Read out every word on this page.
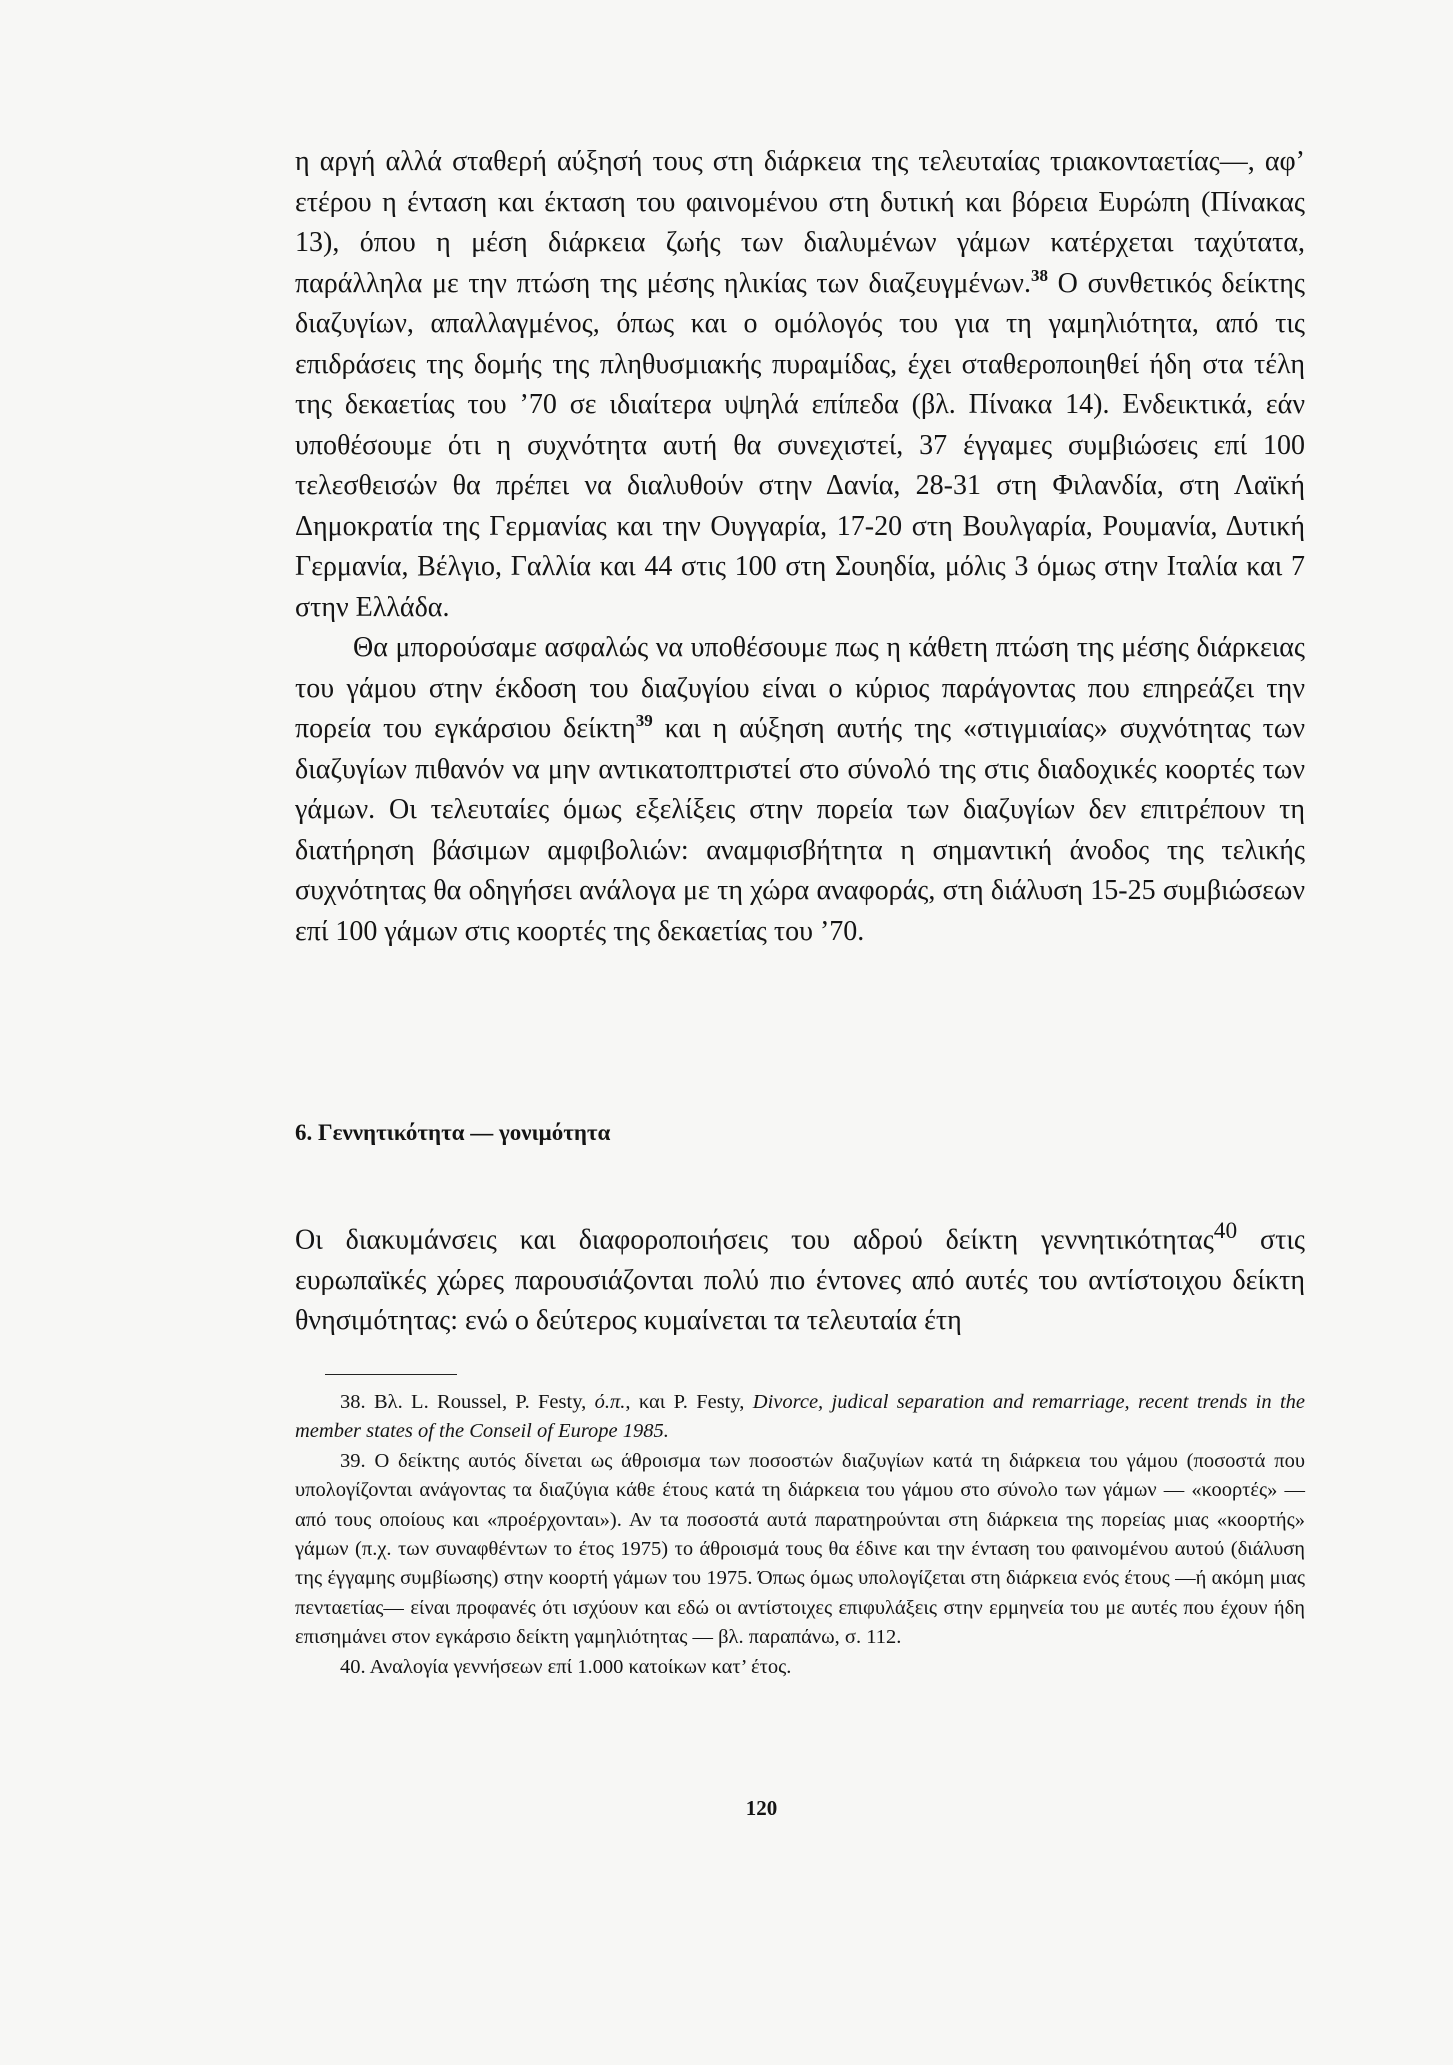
η αργή αλλά σταθερή αύξησή τους στη διάρκεια της τελευταίας τριακονταετίας—, αφ’ ετέρου η ένταση και έκταση του φαινομένου στη δυτική και βόρεια Ευρώπη (Πίνακας 13), όπου η μέση διάρκεια ζωής των διαλυμένων γάμων κατέρχεται ταχύτατα, παράλληλα με την πτώση της μέσης ηλικίας των διαζευγμένων.$^{38}$ Ο συνθετικός δείκτης διαζυγίων, απαλλαγμένος, όπως και ο ομόλογός του για τη γαμηλιότητα, από τις επιδράσεις της δομής της πληθυσμιακής πυραμίδας, έχει σταθεροποιηθεί ήδη στα τέλη της δεκαετίας του ’70 σε ιδιαίτερα υψηλά επίπεδα (βλ. Πίνακα 14). Ενδεικτικά, εάν υποθέσουμε ότι η συχνότητα αυτή θα συνεχιστεί, 37 έγγαμες συμβιώσεις επί 100 τελεσθεισών θα πρέπει να διαλυθούν στην Δανία, 28-31 στη Φιλανδία, στη Λαϊκή Δημοκρατία της Γερμανίας και την Ουγγαρία, 17-20 στη Βουλγαρία, Ρουμανία, Δυτική Γερμανία, Βέλγιο, Γαλλία και 44 στις 100 στη Σουηδία, μόλις 3 όμως στην Ιταλία και 7 στην Ελλάδα.

Θα μπορούσαμε ασφαλώς να υποθέσουμε πως η κάθετη πτώση της μέσης διάρκειας του γάμου στην έκδοση του διαζυγίου είναι ο κύριος παράγοντας που επηρεάζει την πορεία του εγκάρσιου δείκτη$^{39}$ και η αύξηση αυτής της «στιγμιαίας» συχνότητας των διαζυγίων πιθανόν να μην αντικατοπτριστεί στο σύνολό της στις διαδοχικές κοορτές των γάμων. Οι τελευταίες όμως εξελίξεις στην πορεία των διαζυγίων δεν επιτρέπουν τη διατήρηση βάσιμων αμφιβολιών: αναμφισβήτητα η σημαντική άνοδος της τελικής συχνότητας θα οδηγήσει ανάλογα με τη χώρα αναφοράς, στη διάλυση 15-25 συμβιώσεων επί 100 γάμων στις κοορτές της δεκαετίας του ’70.

6. Γεννητικότητα — γονιμότητα

Οι διακυμάνσεις και διαφοροποιήσεις του αδρού δείκτη γεννητικότητας$^{40}$ στις ευρωπαϊκές χώρες παρουσιάζονται πολύ πιο έντονες από αυτές του αντίστοιχου δείκτη θνησιμότητας: ενώ ο δεύτερος κυμαίνεται τα τελευταία έτη

38. Βλ. L. Roussel, P. Festy, ό.π., και P. Festy, Divorce, judical separation and remarriage, recent trends in the member states of the Conseil of Europe 1985.

39. Ο δείκτης αυτός δίνεται ως άθροισμα των ποσοστών διαζυγίων κατά τη διάρκεια του γάμου (ποσοστά που υπολογίζονται ανάγοντας τα διαζύγια κάθε έτους κατά τη διάρκεια του γάμου στο σύνολο των γάμων — «κοορτές» — από τους οποίους και «προέρχονται»). Αν τα ποσοστά αυτά παρατηρούνται στη διάρκεια της πορείας μιας «κοορτής» γάμων (π.χ. των συναφθέντων το έτος 1975) το άθροισμά τους θα έδινε και την ένταση του φαινομένου αυτού (διάλυση της έγγαμης συμβίωσης) στην κοορτή γάμων του 1975. Όπως όμως υπολογίζεται στη διάρκεια ενός έτους —ή ακόμη μιας πενταετίας— είναι προφανές ότι ισχύουν και εδώ οι αντίστοιχες επιφυλάξεις στην ερμηνεία του με αυτές που έχουν ήδη επισημάνει στον εγκάρσιο δείκτη γαμηλιότητας — βλ. παραπάνω, σ. 112.

40. Αναλογία γεννήσεων επί 1.000 κατοίκων κατ’ έτος.

120
